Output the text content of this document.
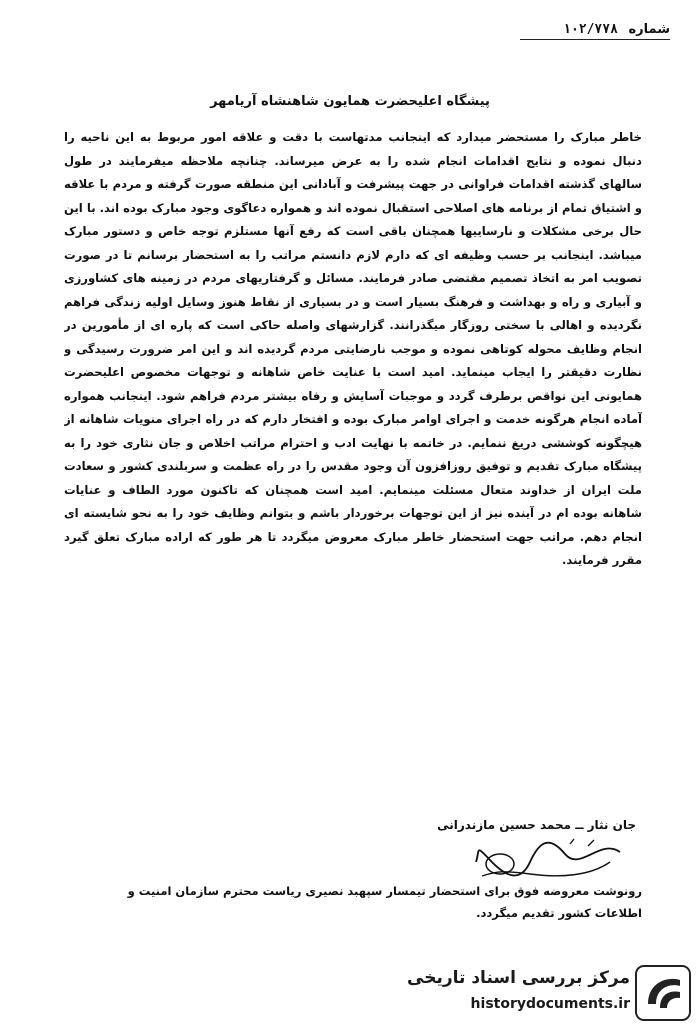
شماره ۱۰۲/۷۷۸
پیشگاه اعلیحضرت همایون شاهنشاه آریامهر

خاطر مبارک را مستحضر میدارد که اینجانب مدتهاست با دقت و علاقه امور مربوط به این ناحیه را دنبال نموده و نتایج اقدامات انجام شده را به عرض میرساند. چنانچه ملاحظه میفرمایند در طول سالهای گذشته اقدامات فراوانی در جهت پیشرفت و آبادانی این منطقه صورت گرفته و مردم با علاقه و اشتیاق تمام از برنامه های اصلاحی استقبال نموده اند و همواره دعاگوی وجود مبارک بوده اند. با این حال برخی مشکلات و نارساییها همچنان باقی است که رفع آنها مستلزم توجه خاص و دستور مبارک میباشد. اینجانب بر حسب وظیفه ای که دارم لازم دانستم مراتب را به استحضار برسانم تا در صورت تصویب امر به اتخاذ تصمیم مقتضی صادر فرمایند. مسائل و گرفتاریهای مردم در زمینه های کشاورزی و آبیاری و راه و بهداشت و فرهنگ بسیار است و در بسیاری از نقاط هنوز وسایل اولیه زندگی فراهم نگردیده و اهالی با سختی روزگار میگذرانند. گزارشهای واصله حاکی است که پاره ای از مأمورین در انجام وظایف محوله کوتاهی نموده و موجب نارضایتی مردم گردیده اند و این امر ضرورت رسیدگی و نظارت دقیقتر را ایجاب مینماید. امید است با عنایت خاص شاهانه و توجهات مخصوص اعلیحضرت همایونی این نواقص برطرف گردد و موجبات آسایش و رفاه بیشتر مردم فراهم شود. اینجانب همواره آماده انجام هرگونه خدمت و اجرای اوامر مبارک بوده و افتخار دارم که در راه اجرای منویات شاهانه از هیچگونه کوششی دریغ ننمایم. در خاتمه با نهایت ادب و احترام مراتب اخلاص و جان نثاری خود را به پیشگاه مبارک تقدیم و توفیق روزافزون آن وجود مقدس را در راه عظمت و سربلندی کشور و سعادت ملت ایران از خداوند متعال مسئلت مینمایم. امید است همچنان که تاکنون مورد الطاف و عنایات شاهانه بوده ام در آینده نیز از این توجهات برخوردار باشم و بتوانم وظایف خود را به نحو شایسته ای انجام دهم. مراتب جهت استحضار خاطر مبارک معروض میگردد تا هر طور که اراده مبارک تعلق گیرد مقرر فرمایند.

جان نثار ــ محمد حسین مازندرانی

رونوشت معروضه فوق برای استحضار تیمسار سپهبد نصیری ریاست محترم سازمان امنیت و اطلاعات کشور تقدیم میگردد.

مرکز بررسی اسناد تاریخی
historydocuments.ir
